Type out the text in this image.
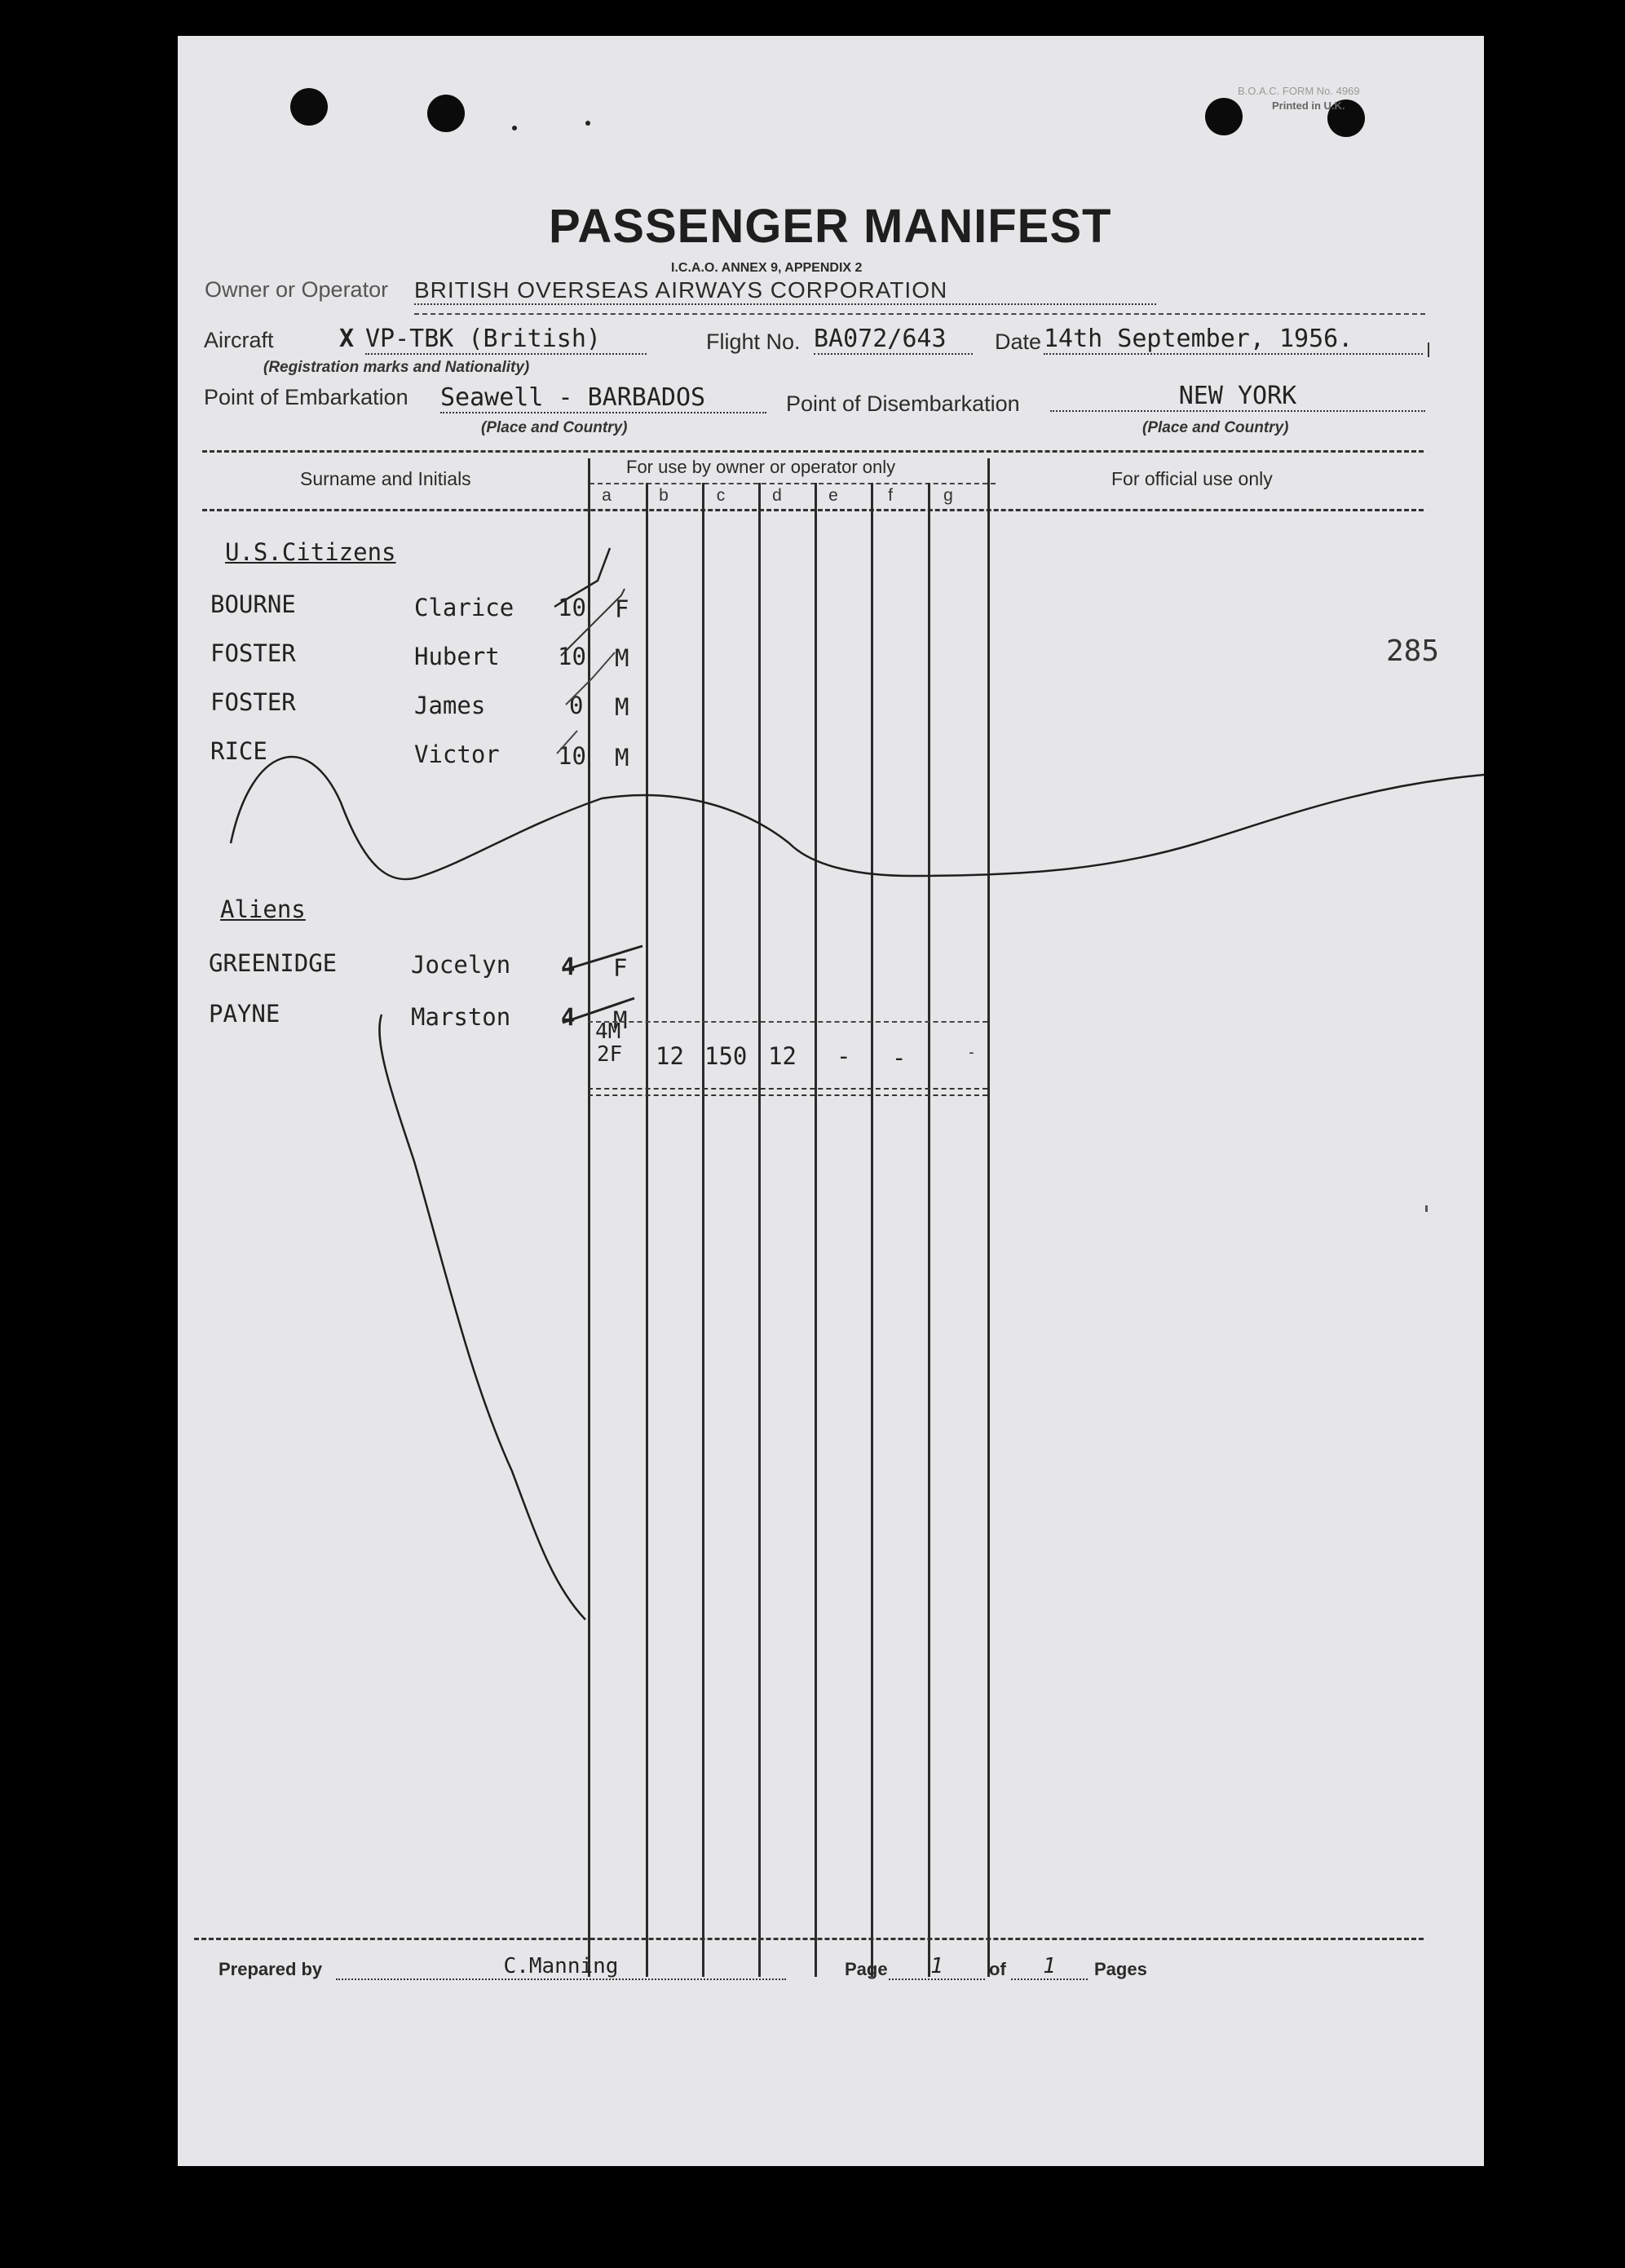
B.O.A.C. FORM No. 4969
Printed in U.K.
PASSENGER MANIFEST
I.C.A.O. ANNEX 9, APPENDIX 2
Owner or Operator BRITISH OVERSEAS AIRWAYS CORPORATION
Aircraft	X VP-TBK (British)
(Registration marks and Nationality)
Flight No. BA072/643	Date 14th September, 1956.
Point of Embarkation Seawell - BARBADOS
(Place and Country)
Point of Disembarkation	NEW YORK
(Place and Country)
Surname and Initials
For use by owner or operator only
For official use only
a	b	c	d	e	f	g
U.S.Citizens
BOURNE	Clarice 10 F
FOSTER	Hubert 10 M
FOSTER	James	0 M
RICE	Victor 10 M
Aliens
GREENIDGE	Jocelyn 4 F
PAYNE	Marston 4 M
4M
2F 12 150 12 - -	-
285
Prepared by	C.Manning	Page	1	of	1	Pages
